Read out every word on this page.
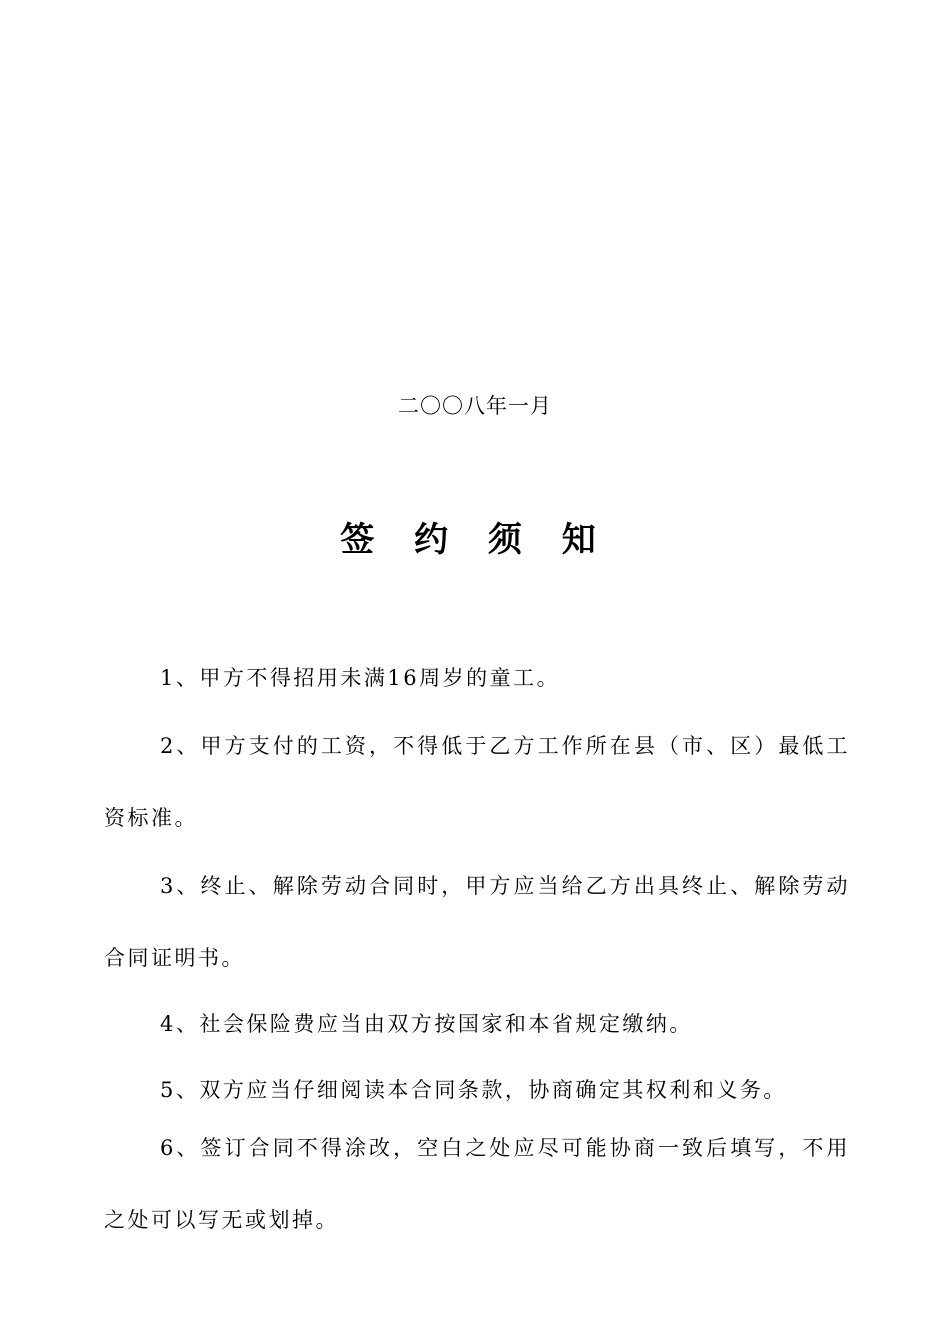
二〇〇八年一月
签 约 须 知

1、甲方不得招用未满16周岁的童工。

2、甲方支付的工资，不得低于乙方工作所在县（市、区）最低工资标准。

3、终止、解除劳动合同时，甲方应当给乙方出具终止、解除劳动合同证明书。

4、社会保险费应当由双方按国家和本省规定缴纳。

5、双方应当仔细阅读本合同条款，协商确定其权利和义务。

6、签订合同不得涂改，空白之处应尽可能协商一致后填写，不用之处可以写无或划掉。
